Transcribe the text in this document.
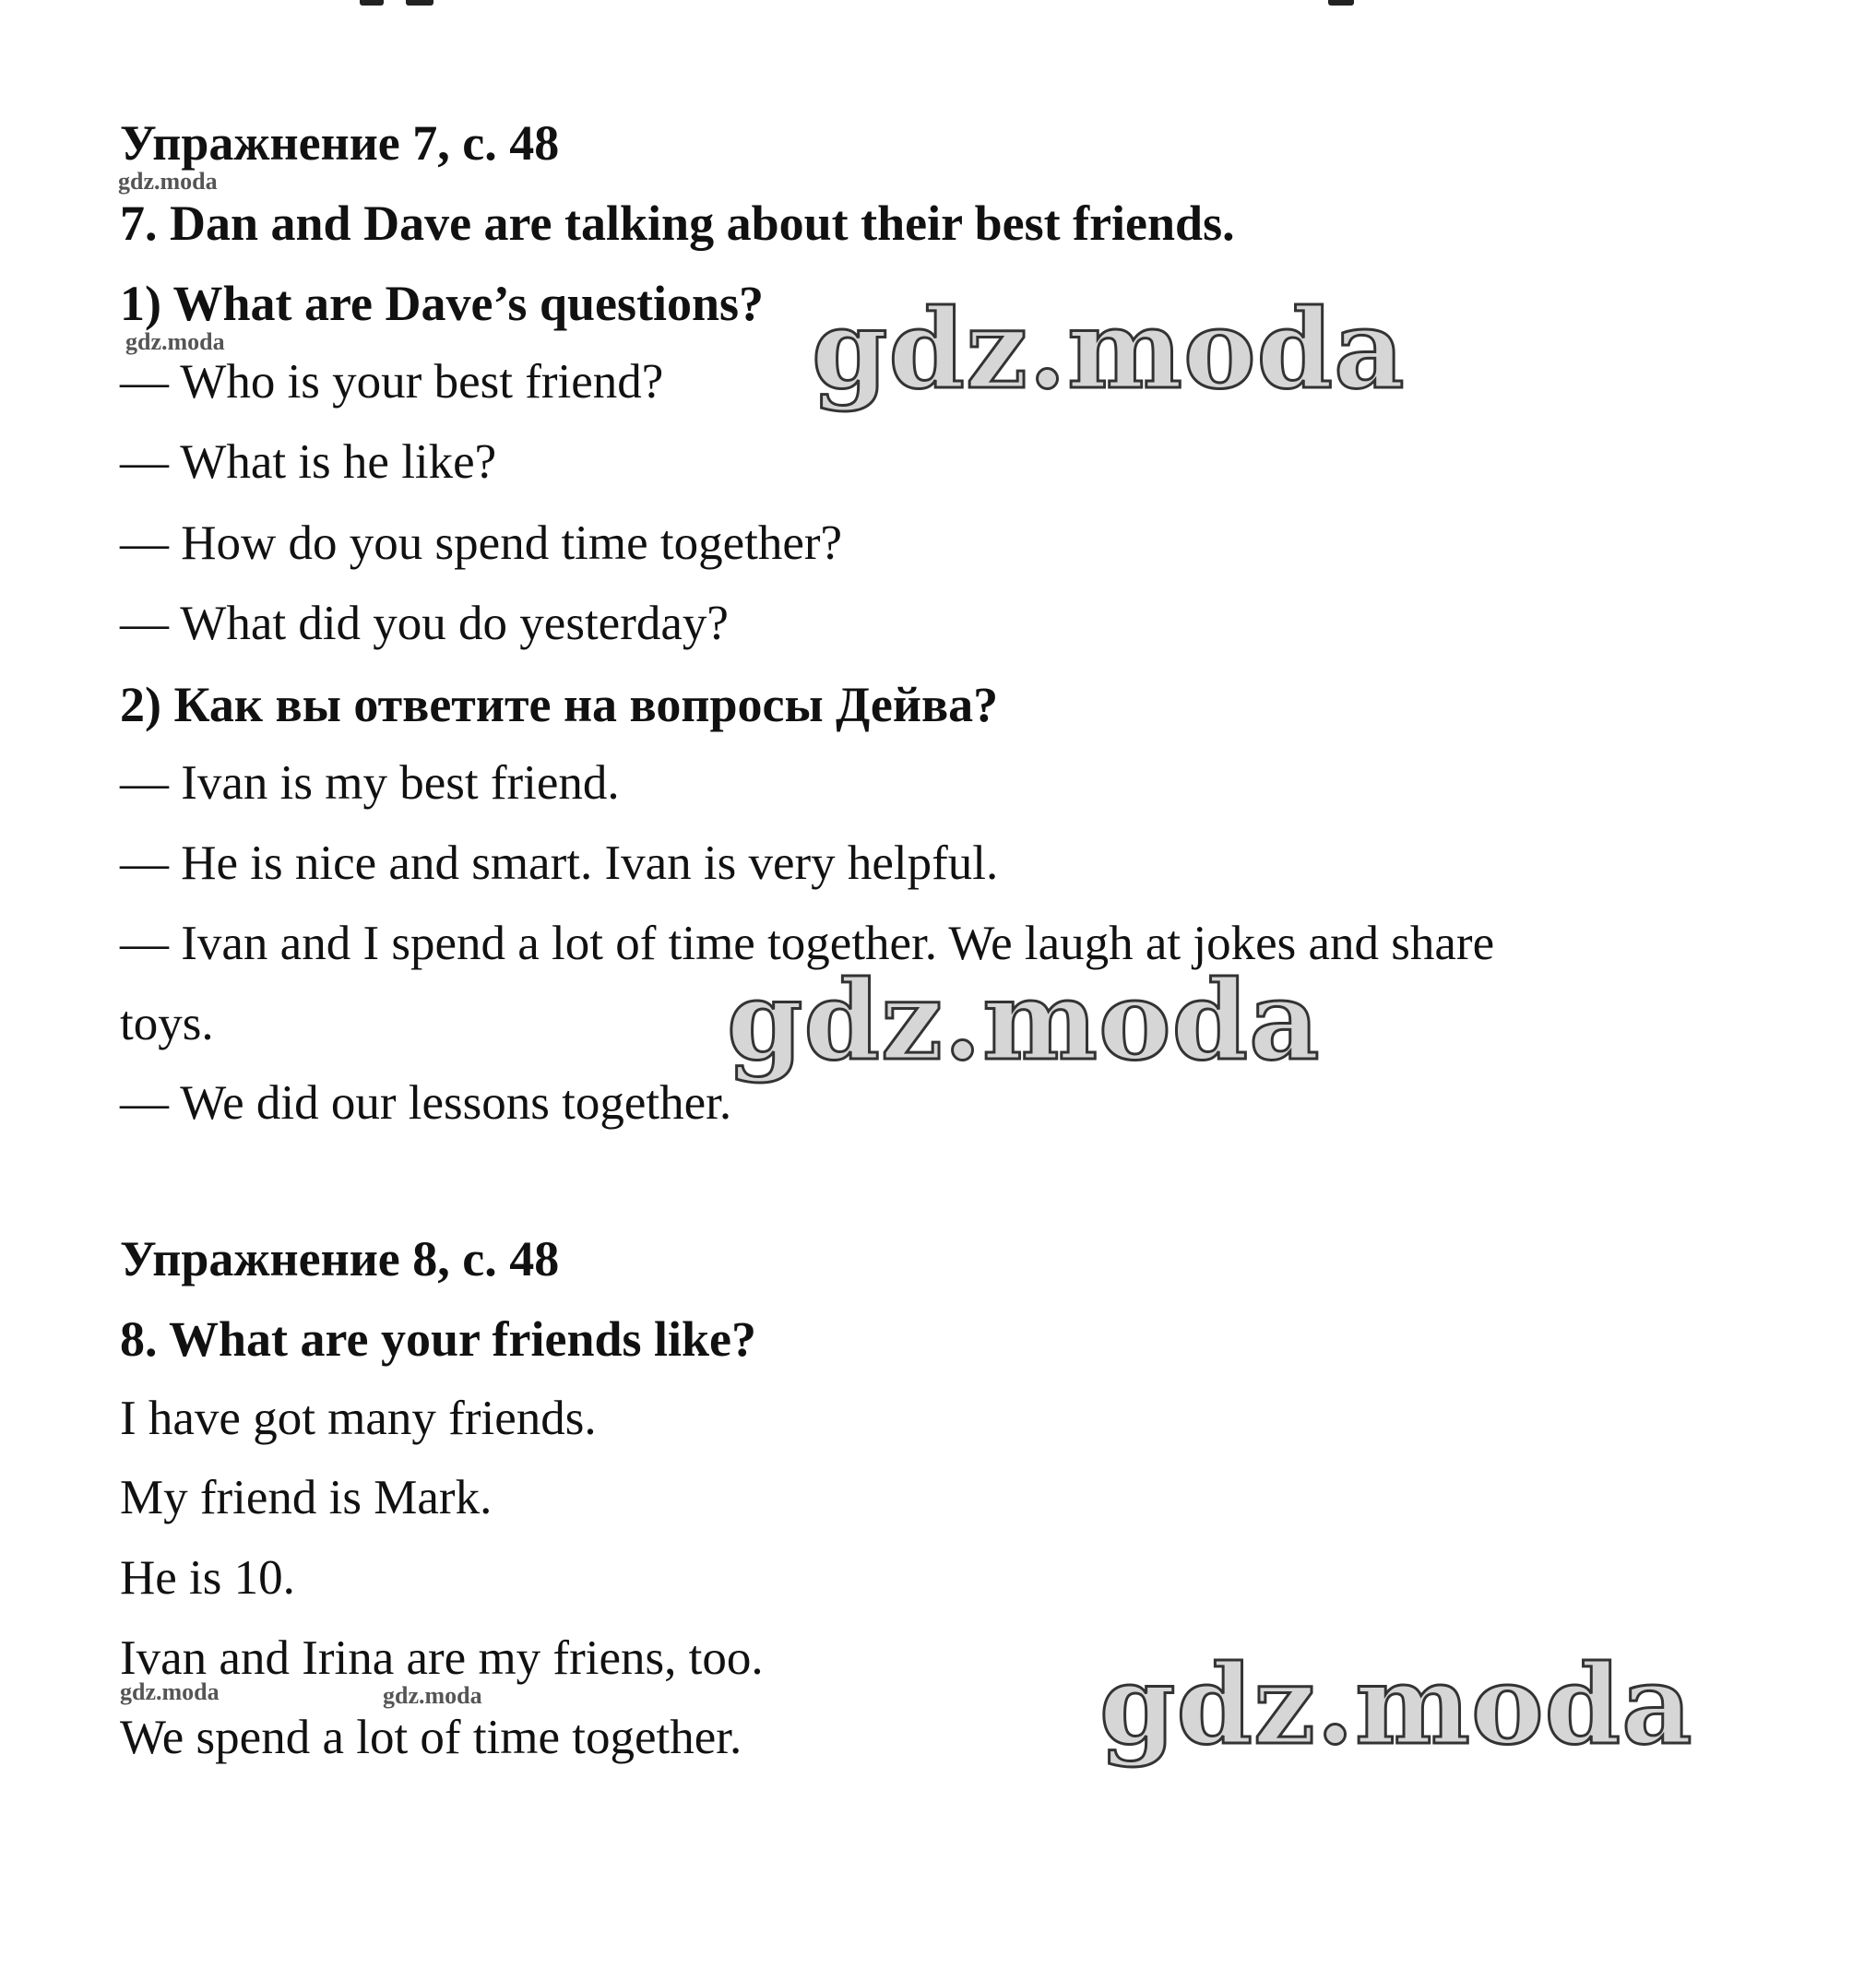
Упражнение 7, с. 48
gdz.moda
7. Dan and Dave are talking about their best friends.
1) What are Dave’s questions?
gdz.moda
— Who is your best friend?
— What is he like?
— How do you spend time together?
— What did you do yesterday?
2) Как вы ответите на вопросы Дейва?
— Ivan is my best friend.
— He is nice and smart. Ivan is very helpful.
— Ivan and I spend a lot of time together. We laugh at jokes and share
toys.
— We did our lessons together.
Упражнение 8, с. 48
8. What are your friends like?
I have got many friends.
My friend is Mark.
He is 10.
Ivan and Irina are my friens, too.
gdz.moda	gdz.moda
We spend a lot of time together.
gdz.moda
gdz.moda
gdz.moda
